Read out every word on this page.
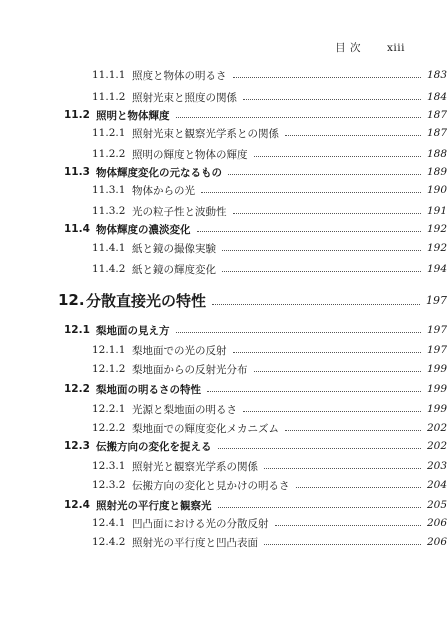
目 次 xiii
11.1.1 照度と物体の明るさ	183
11.1.2 照射光束と照度の関係	184
11.2 照明と物体輝度	187
11.2.1 照射光束と観察光学系との関係	187
11.2.2 照明の輝度と物体の輝度	188
11.3 物体輝度変化の元なるもの	189
11.3.1 物体からの光	190
11.3.2 光の粒子性と波動性	191
11.4 物体輝度の濃淡変化	192
11.4.1 紙と鏡の撮像実験	192
11.4.2 紙と鏡の輝度変化	194
12. 分散直接光の特性	197
12.1 梨地面の見え方	197
12.1.1 梨地面での光の反射	197
12.1.2 梨地面からの反射光分布	199
12.2 梨地面の明るさの特性	199
12.2.1 光源と梨地面の明るさ	199
12.2.2 梨地面での輝度変化メカニズム	202
12.3 伝搬方向の変化を捉える	202
12.3.1 照射光と観察光学系の関係	203
12.3.2 伝搬方向の変化と見かけの明るさ	204
12.4 照射光の平行度と観察光	205
12.4.1 凹凸面における光の分散反射	206
12.4.2 照射光の平行度と凹凸表面	206
